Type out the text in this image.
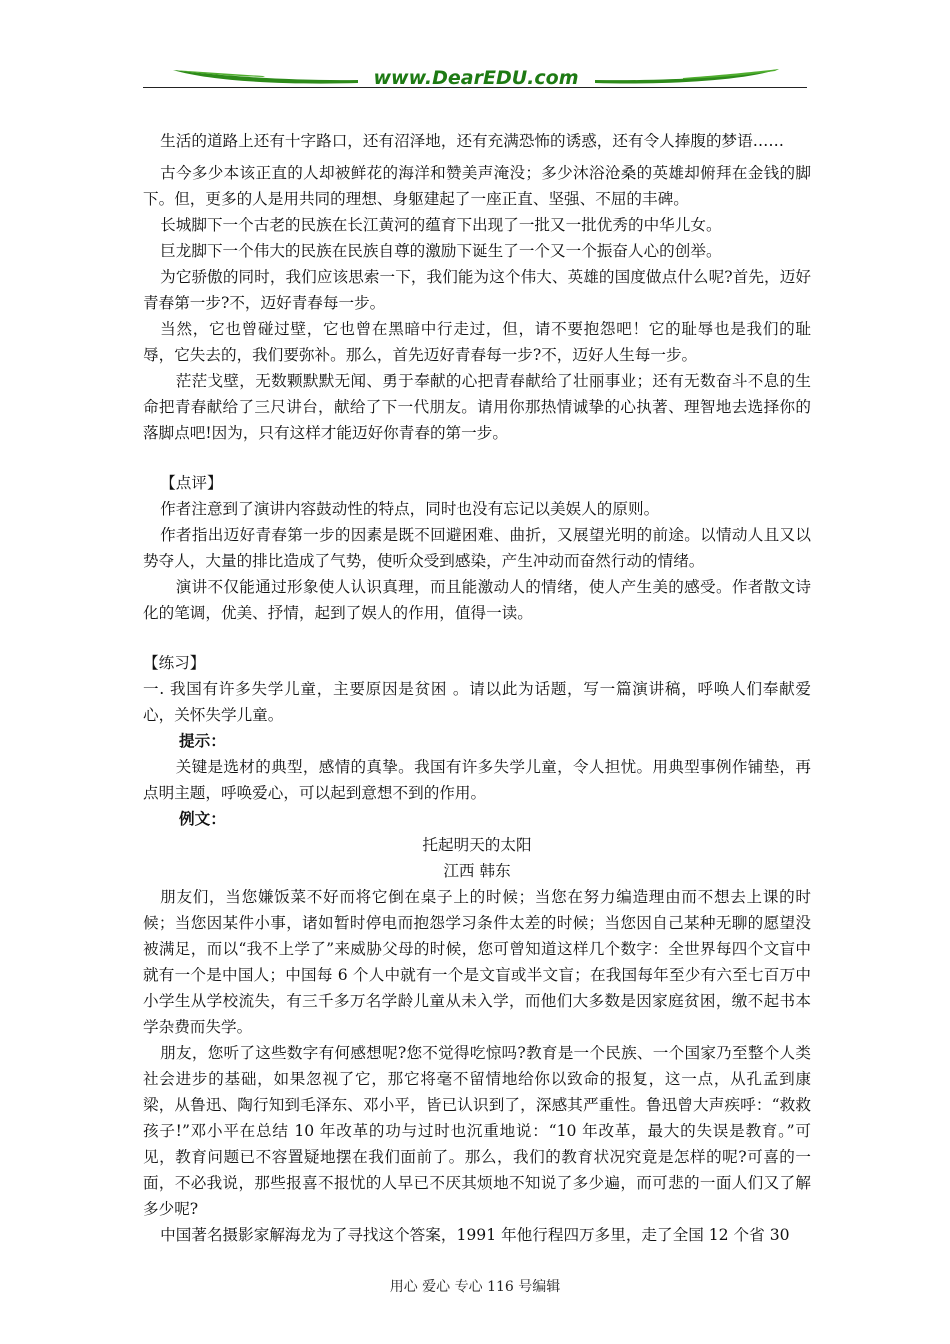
www.DearEDU.com

生活的道路上还有十字路口，还有沼泽地，还有充满恐怖的诱惑，还有令人捧腹的梦语……

古今多少本该正直的人却被鲜花的海洋和赞美声淹没；多少沐浴沧桑的英雄却俯拜在金钱的脚下。但，更多的人是用共同的理想、身躯建起了一座正直、坚强、不屈的丰碑。

长城脚下一个古老的民族在长江黄河的蕴育下出现了一批又一批优秀的中华儿女。

巨龙脚下一个伟大的民族在民族自尊的激励下诞生了一个又一个振奋人心的创举。

为它骄傲的同时，我们应该思索一下，我们能为这个伟大、英雄的国度做点什么呢?首先，迈好青春第一步?不，迈好青春每一步。

当然，它也曾碰过壁，它也曾在黑暗中行走过，但，请不要抱怨吧！它的耻辱也是我们的耻辱，它失去的，我们要弥补。那么，首先迈好青春每一步?不，迈好人生每一步。

茫茫戈壁，无数颗默默无闻、勇于奉献的心把青春献给了壮丽事业；还有无数奋斗不息的生命把青春献给了三尺讲台，献给了下一代朋友。请用你那热情诚挚的心执著、理智地去选择你的落脚点吧!因为，只有这样才能迈好你青春的第一步。

【点评】

作者注意到了演讲内容鼓动性的特点，同时也没有忘记以美娱人的原则。

作者指出迈好青春第一步的因素是既不回避困难、曲折，又展望光明的前途。以情动人且又以势夺人，大量的排比造成了气势，使听众受到感染，产生冲动而奋然行动的情绪。

演讲不仅能通过形象使人认识真理，而且能激动人的情绪，使人产生美的感受。作者散文诗化的笔调，优美、抒情，起到了娱人的作用，值得一读。

【练习】

一. 我国有许多失学儿童，主要原因是贫困 。请以此为话题，写一篇演讲稿，呼唤人们奉献爱心，关怀失学儿童。

提示：

关键是选材的典型，感情的真挚。我国有许多失学儿童，令人担忧。用典型事例作铺垫，再点明主题，呼唤爱心，可以起到意想不到的作用。

例文：

托起明天的太阳

江西 韩东

朋友们，当您嫌饭菜不好而将它倒在桌子上的时候；当您在努力编造理由而不想去上课的时候；当您因某件小事，诸如暂时停电而抱怨学习条件太差的时候；当您因自己某种无聊的愿望没被满足，而以“我不上学了”来威胁父母的时候，您可曾知道这样几个数字：全世界每四个文盲中就有一个是中国人；中国每 6 个人中就有一个是文盲或半文盲；在我国每年至少有六至七百万中小学生从学校流失，有三千多万名学龄儿童从未入学，而他们大多数是因家庭贫困，缴不起书本学杂费而失学。

朋友，您听了这些数字有何感想呢?您不觉得吃惊吗?教育是一个民族、一个国家乃至整个人类社会进步的基础，如果忽视了它，那它将毫不留情地给你以致命的报复，这一点，从孔孟到康梁，从鲁迅、陶行知到毛泽东、邓小平，皆已认识到了，深感其严重性。鲁迅曾大声疾呼：“救救孩子!”邓小平在总结 10 年改革的功与过时也沉重地说：“10 年改革，最大的失误是教育。”可见，教育问题已不容置疑地摆在我们面前了。那么，我们的教育状况究竟是怎样的呢?可喜的一面，不必我说，那些报喜不报忧的人早已不厌其烦地不知说了多少遍，而可悲的一面人们又了解多少呢?

中国著名摄影家解海龙为了寻找这个答案，1991 年他行程四万多里，走了全国 12 个省 30

用心 爱心 专心 116 号编辑
